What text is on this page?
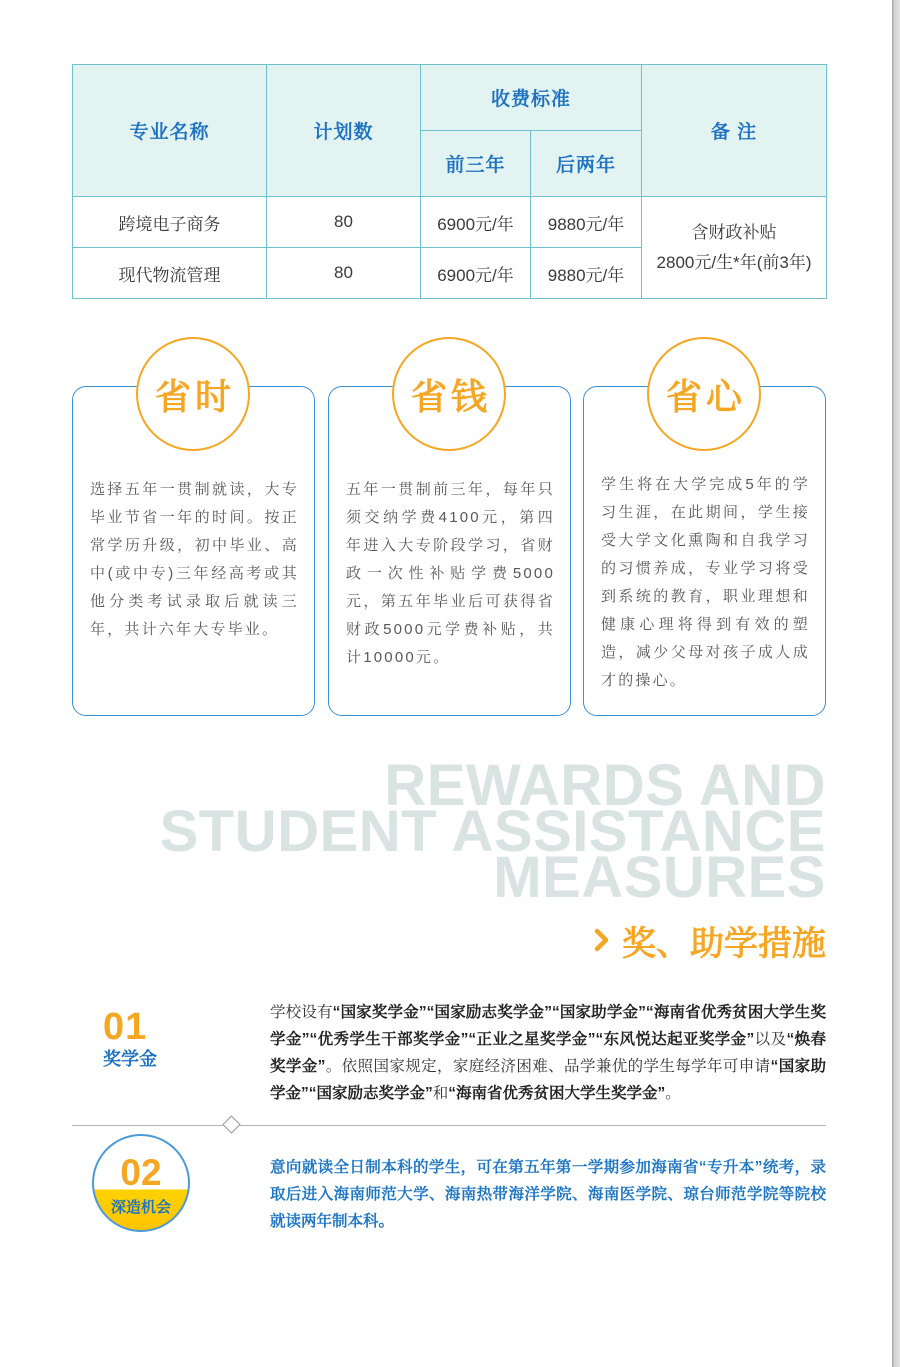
专业名称	计划数	收费标准		备 注
		前三年	后两年	
跨境电子商务	80	6900元/年	9880元/年	含财政补贴
2800元/生*年(前3年)

现代物流管理	80	6900元/年	9880元/年	

选择五年一贯制就读，大专毕业节省一年的时间。按正常学历升级，初中毕业、高中(或中专)三年经高考或其他分类考试录取后就读三年，共计六年大专毕业。

五年一贯制前三年，每年只须交纳学费4100元，第四年进入大专阶段学习，省财政一次性补贴学费5000元，第五年毕业后可获得省财政5000元学费补贴，共计10000元。

学生将在大学完成5年的学习生涯，在此期间，学生接受大学文化熏陶和自我学习的习惯养成，专业学习将受到系统的教育，职业理想和健康心理将得到有效的塑造，减少父母对孩子成人成才的操心。

省时	省钱	省心
REWARDS AND
STUDENT ASSISTANCE
MEASURES
奖、助学措施
01
奖学金

学校设有“国家奖学金”“国家励志奖学金”“国家助学金”“海南省优秀贫困大学生奖学金”“优秀学生干部奖学金”“正业之星奖学金”“东风悦达起亚奖学金”以及“焕春奖学金”。依照国家规定，家庭经济困难、品学兼优的学生每学年可申请“国家助学金”“国家励志奖学金”和“海南省优秀贫困大学生奖学金”。

02
深造机会

意向就读全日制本科的学生，可在第五年第一学期参加海南省“专升本”统考，录取后进入海南师范大学、海南热带海洋学院、海南医学院、琼台师范学院等院校就读两年制本科。
